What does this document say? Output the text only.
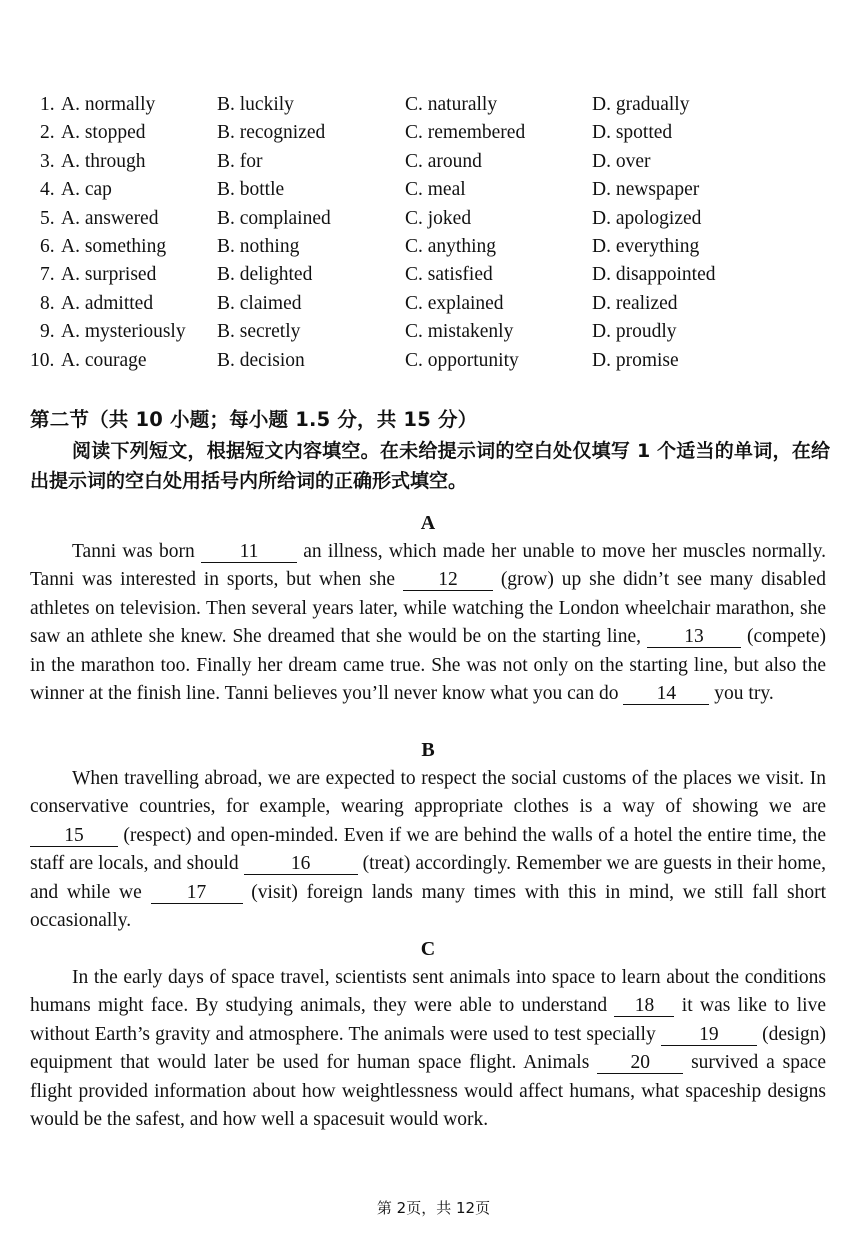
1. A. normally	B. luckily	C. naturally	D. gradually
2. A. stopped	B. recognized	C. remembered	D. spotted
3. A. through	B. for	C. around	D. over
4. A. cap	B. bottle	C. meal	D. newspaper
5. A. answered	B. complained	C. joked	D. apologized
6. A. something	B. nothing	C. anything	D. everything
7. A. surprised	B. delighted	C. satisfied	D. disappointed
8. A. admitted	B. claimed	C. explained	D. realized
9. A. mysteriously B. secretly	C. mistakenly	D. proudly
10. A. courage	B. decision	C. opportunity	D. promise
第二节（共 10 小题；每小题 1.5 分，共 15 分）
阅读下列短文，根据短文内容填空。在未给提示词的空白处仅填写 1 个适当的单词，在给出提示词的空白处用括号内所给词的正确形式填空。
A
Tanni was born 11 an illness, which made her unable to move her muscles normally. Tanni was interested in sports, but when she 12 (grow) up she didn’t see many disabled athletes on television. Then several years later, while watching the London wheelchair marathon, she saw an athlete she knew. She dreamed that she would be on the starting line, 13 (compete) in the marathon too. Finally her dream came true. She was not only on the starting line, but also the winner at the finish line. Tanni believes you’ll never know what you can do 14 you try.
B
When travelling abroad, we are expected to respect the social customs of the places we visit. In conservative countries, for example, wearing appropriate clothes is a way of showing we are 15 (respect) and open-minded. Even if we are behind the walls of a hotel the entire time, the staff are locals, and should 16 (treat) accordingly. Remember we are guests in their home, and while we 17 (visit) foreign lands many times with this in mind, we still fall short occasionally.
C
In the early days of space travel, scientists sent animals into space to learn about the conditions humans might face. By studying animals, they were able to understand 18 it was like to live without Earth’s gravity and atmosphere. The animals were used to test specially 19 (design) equipment that would later be used for human space flight. Animals 20 survived a space flight provided information about how weightlessness would affect humans, what spaceship designs would be the safest, and how well a spacesuit would work.
第 2页，共 12页
